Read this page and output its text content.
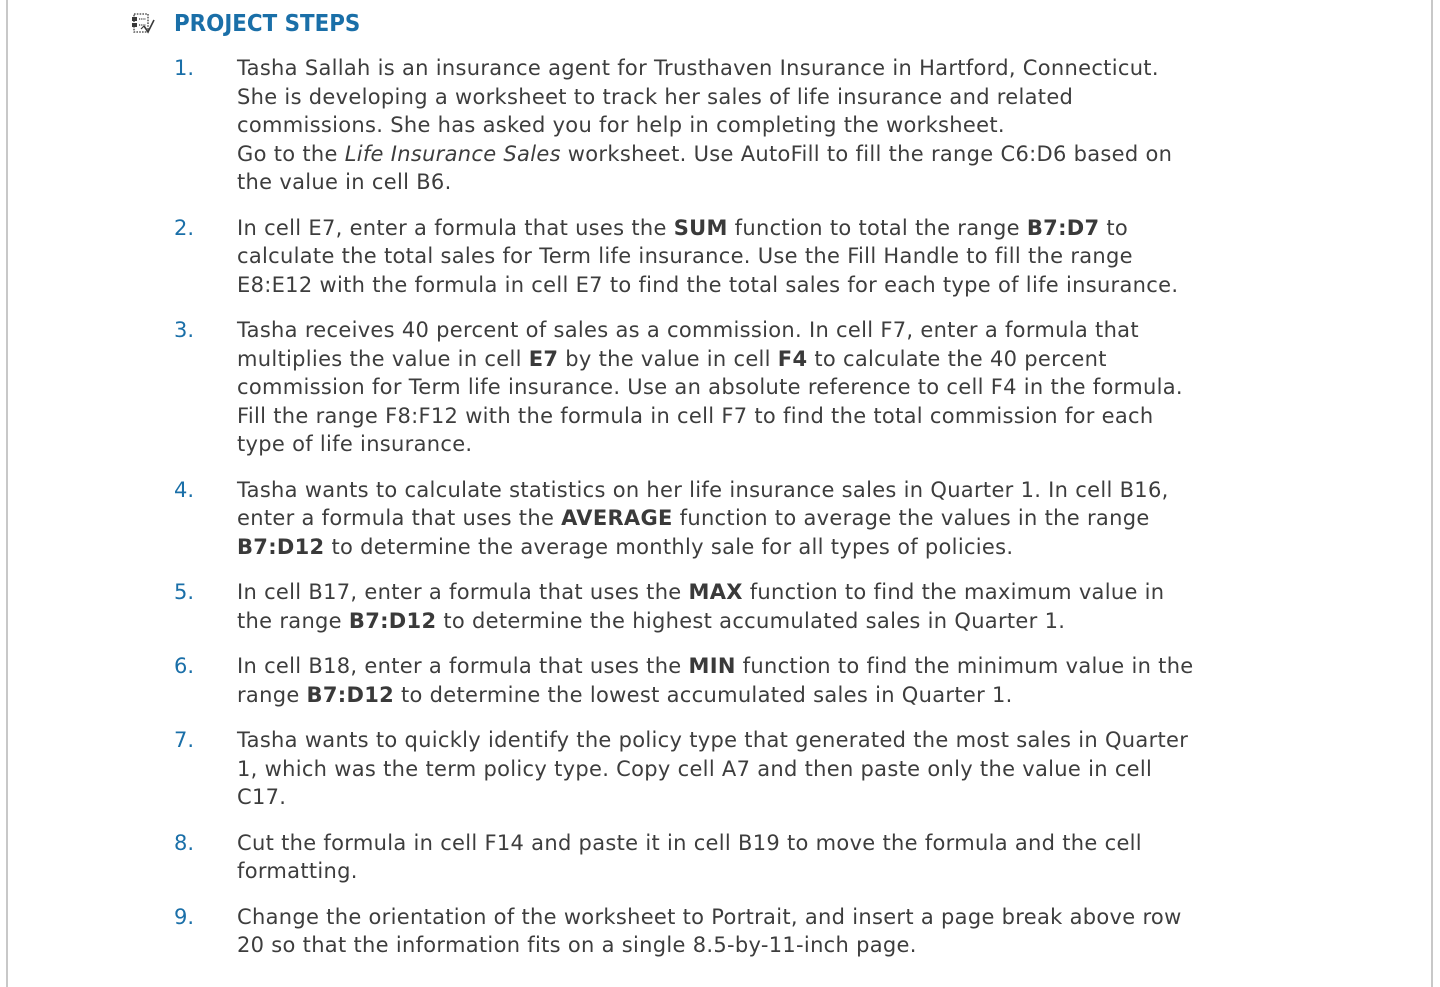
PROJECT STEPS
1.	Tasha Sallah is an insurance agent for Trusthaven Insurance in Hartford, Connecticut.
She is developing a worksheet to track her sales of life insurance and related
commissions. She has asked you for help in completing the worksheet.
Go to the Life Insurance Sales worksheet. Use AutoFill to fill the range C6:D6 based on
the value in cell B6.
2.	In cell E7, enter a formula that uses the SUM function to total the range B7:D7 to
calculate the total sales for Term life insurance. Use the Fill Handle to fill the range
E8:E12 with the formula in cell E7 to find the total sales for each type of life insurance.
3.	Tasha receives 40 percent of sales as a commission. In cell F7, enter a formula that
multiplies the value in cell E7 by the value in cell F4 to calculate the 40 percent
commission for Term life insurance. Use an absolute reference to cell F4 in the formula.
Fill the range F8:F12 with the formula in cell F7 to find the total commission for each
type of life insurance.
4.	Tasha wants to calculate statistics on her life insurance sales in Quarter 1. In cell B16,
enter a formula that uses the AVERAGE function to average the values in the range
B7:D12 to determine the average monthly sale for all types of policies.
5.	In cell B17, enter a formula that uses the MAX function to find the maximum value in
the range B7:D12 to determine the highest accumulated sales in Quarter 1.
6.	In cell B18, enter a formula that uses the MIN function to find the minimum value in the
range B7:D12 to determine the lowest accumulated sales in Quarter 1.
7.	Tasha wants to quickly identify the policy type that generated the most sales in Quarter
1, which was the term policy type. Copy cell A7 and then paste only the value in cell
C17.
8.	Cut the formula in cell F14 and paste it in cell B19 to move the formula and the cell
formatting.
9.	Change the orientation of the worksheet to Portrait, and insert a page break above row
20 so that the information fits on a single 8.5-by-11-inch page.
